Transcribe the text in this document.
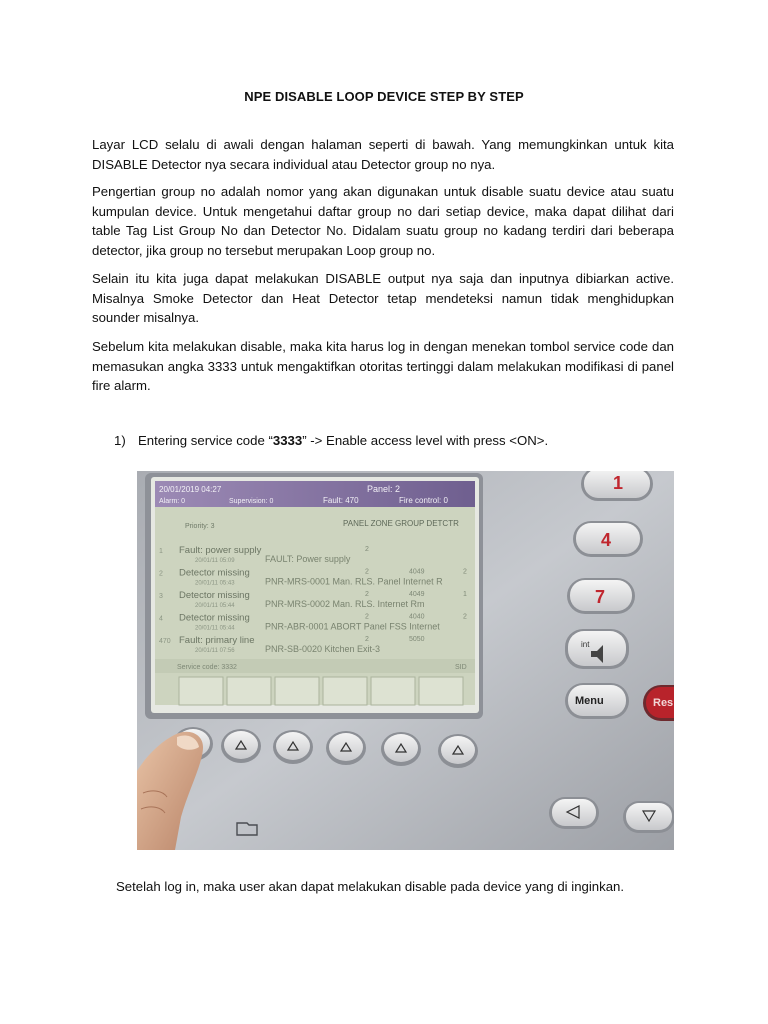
NPE DISABLE LOOP DEVICE STEP BY STEP
Layar LCD selalu di awali dengan halaman seperti di bawah. Yang memungkinkan untuk kita DISABLE Detector nya secara individual atau Detector group no nya.
Pengertian group no adalah nomor yang akan digunakan untuk disable suatu device atau suatu kumpulan device. Untuk mengetahui daftar group no dari setiap device, maka dapat dilihat dari table Tag List Group No dan Detector No. Didalam suatu group no kadang terdiri dari beberapa detector, jika group no tersebut merupakan Loop group no.
Selain itu kita juga dapat melakukan DISABLE output nya saja dan inputnya dibiarkan active. Misalnya Smoke Detector dan Heat Detector tetap mendeteksi namun tidak menghidupkan sounder misalnya.
Sebelum kita melakukan disable, maka kita harus log in dengan menekan tombol service code dan memasukan angka 3333 untuk mengaktifkan otoritas tertinggi dalam melakukan modifikasi di panel fire alarm.
1) Entering service code “3333” -> Enable access level with press <ON>.
20/01/2019 04:27	Panel: 2
Alarm: 0	Supervision: 0	Fault: 470	Fire control: 0
Priority: 3	PANEL ZONE GROUP DETCTR
1 Fault: power supply	2
20/01/11 05:09	FAULT: Power supply
2 Detector missing	2	4049	2
20/01/11 05:43	PNR-MRS-0001 Man. RLS. Panel Internet R
3 Detector missing	2	4049	1
20/01/11 05:44	PNR-MRS-0002 Man. RLS. Internet Rm
4 Detector missing	2	4040	2
20/01/11 05:44	PNR-ABR-0001 ABORT Panel FSS Internet
470 Fault: primary line	2	5050
20/01/11 07:56	PNR-SB-0020 Kitchen Exit-3
Service code: 3332	SID
1
4
7
int
Menu	Res
Setelah log in, maka user akan dapat melakukan disable pada device yang di inginkan.
